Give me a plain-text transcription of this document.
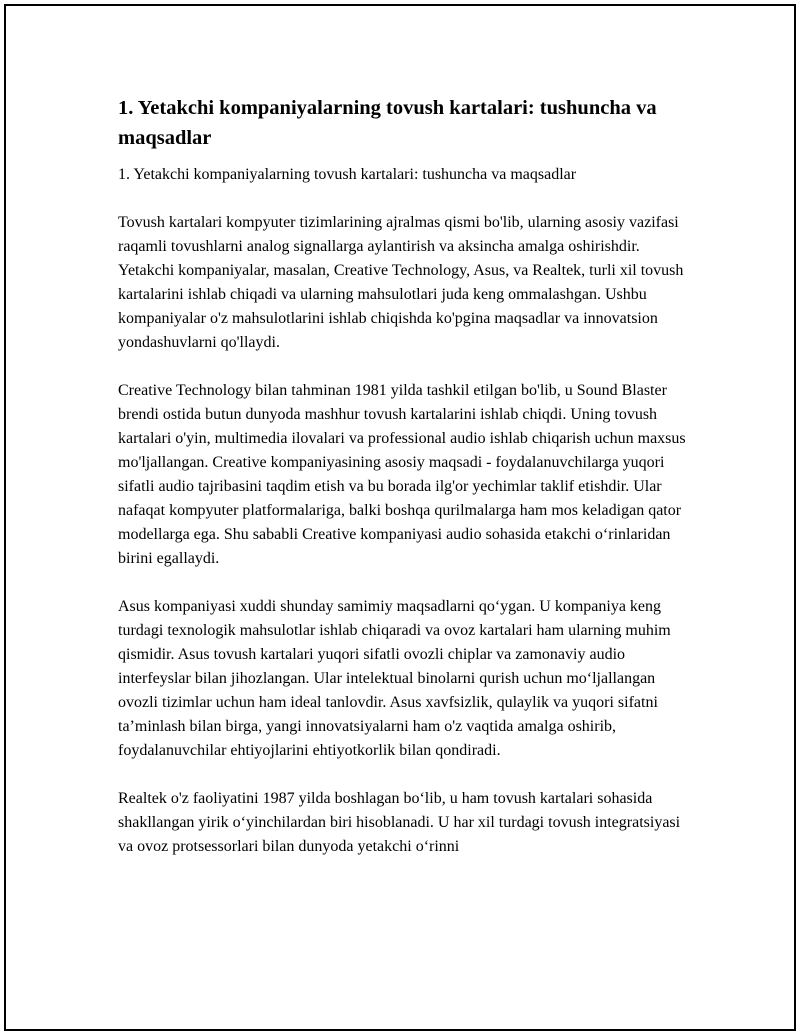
1. Yetakchi kompaniyalarning tovush kartalari: tushuncha va maqsadlar

1. Yetakchi kompaniyalarning tovush kartalari: tushuncha va maqsadlar

Tovush kartalari kompyuter tizimlarining ajralmas qismi bo'lib, ularning asosiy vazifasi raqamli tovushlarni analog signallarga aylantirish va aksincha amalga oshirishdir. Yetakchi kompaniyalar, masalan, Creative Technology, Asus, va Realtek, turli xil tovush kartalarini ishlab chiqadi va ularning mahsulotlari juda keng ommalashgan. Ushbu kompaniyalar o'z mahsulotlarini ishlab chiqishda ko'pgina maqsadlar va innovatsion yondashuvlarni qo'llaydi.

Creative Technology bilan tahminan 1981 yilda tashkil etilgan bo'lib, u Sound Blaster brendi ostida butun dunyoda mashhur tovush kartalarini ishlab chiqdi. Uning tovush kartalari o'yin, multimedia ilovalari va professional audio ishlab chiqarish uchun maxsus mo'ljallangan. Creative kompaniyasining asosiy maqsadi - foydalanuvchilarga yuqori sifatli audio tajribasini taqdim etish va bu borada ilg'or yechimlar taklif etishdir. Ular nafaqat kompyuter platformalariga, balki boshqa qurilmalarga ham mos keladigan qator modellarga ega. Shu sababli Creative kompaniyasi audio sohasida etakchi o‘rinlaridan birini egallaydi.

Asus kompaniyasi xuddi shunday samimiy maqsadlarni qo‘ygan. U kompaniya keng turdagi texnologik mahsulotlar ishlab chiqaradi va ovoz kartalari ham ularning muhim qismidir. Asus tovush kartalari yuqori sifatli ovozli chiplar va zamonaviy audio interfeyslar bilan jihozlangan. Ular intelektual binolarni qurish uchun mo‘ljallangan ovozli tizimlar uchun ham ideal tanlovdir. Asus xavfsizlik, qulaylik va yuqori sifatni ta’minlash bilan birga, yangi innovatsiyalarni ham o'z vaqtida amalga oshirib, foydalanuvchilar ehtiyojlarini ehtiyotkorlik bilan qondiradi.

Realtek o'z faoliyatini 1987 yilda boshlagan bo‘lib, u ham tovush kartalari sohasida shakllangan yirik o‘yinchilardan biri hisoblanadi. U har xil turdagi tovush integratsiyasi va ovoz protsessorlari bilan dunyoda yetakchi o‘rinni
